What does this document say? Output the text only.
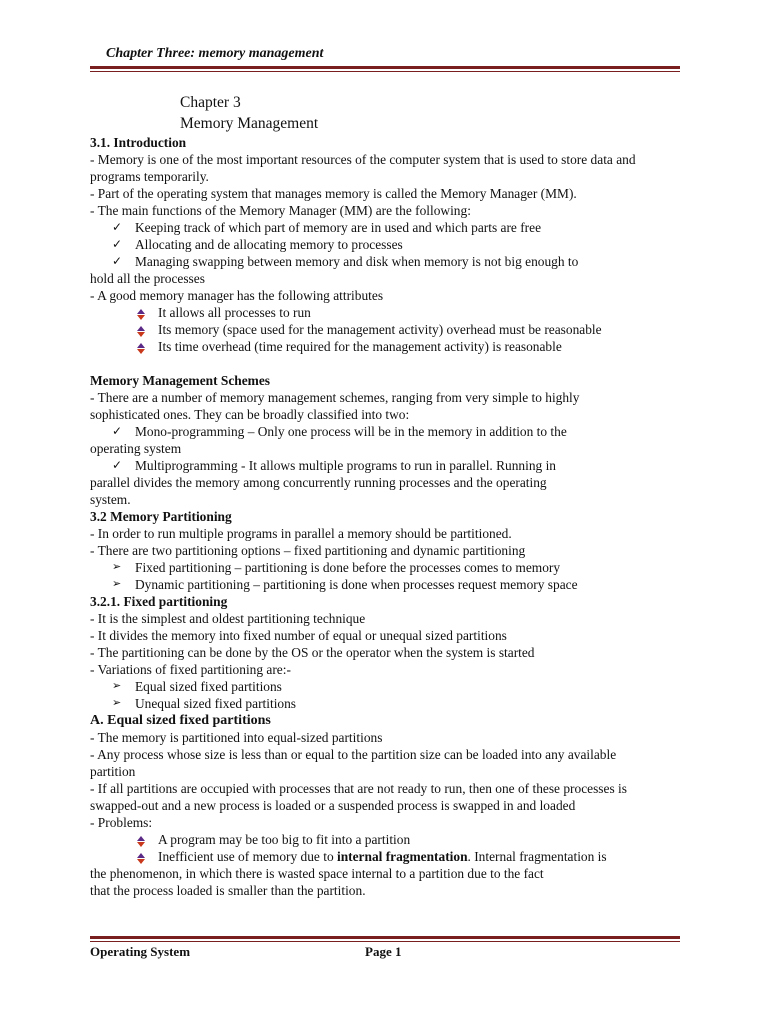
Chapter Three: memory management
Chapter 3
Memory Management

3.1. Introduction

- Memory is one of the most important resources of the computer system that is used to store data and programs temporarily.

- Part of the operating system that manages memory is called the Memory Manager (MM).

- The main functions of the Memory Manager (MM) are the following:

✓ Keeping track of which part of memory are in used and which parts are free
✓ Allocating and de allocating memory to processes
✓ Managing swapping between memory and disk when memory is not big enough to

hold all the processes

- A good memory manager has the following attributes

It allows all processes to run
Its memory (space used for the management activity) overhead must be reasonable
Its time overhead (time required for the management activity) is reasonable

Memory Management Schemes

- There are a number of memory management schemes, ranging from very simple to highly sophisticated ones. They can be broadly classified into two:

✓ Mono-programming – Only one process will be in the memory in addition to the

operating system

✓ Multiprogramming - It allows multiple programs to run in parallel. Running in

parallel divides the memory among concurrently running processes and the operating system.

3.2 Memory Partitioning

- In order to run multiple programs in parallel a memory should be partitioned.

- There are two partitioning options – fixed partitioning and dynamic partitioning

➢ Fixed partitioning – partitioning is done before the processes comes to memory
➢ Dynamic partitioning – partitioning is done when processes request memory space

3.2.1. Fixed partitioning

- It is the simplest and oldest partitioning technique

- It divides the memory into fixed number of equal or unequal sized partitions

- The partitioning can be done by the OS or the operator when the system is started

- Variations of fixed partitioning are:-

➢ Equal sized fixed partitions
➢ Unequal sized fixed partitions

A. Equal sized fixed partitions

- The memory is partitioned into equal-sized partitions

- Any process whose size is less than or equal to the partition size can be loaded into any available partition

- If all partitions are occupied with processes that are not ready to run, then one of these processes is swapped-out and a new process is loaded or a suspended process is swapped in and loaded

- Problems:

A program may be too big to fit into a partition
Inefficient use of memory due to internal fragmentation. Internal fragmentation is

the phenomenon, in which there is wasted space internal to a partition due to the fact

that the process loaded is smaller than the partition.

Operating System	Page 1
